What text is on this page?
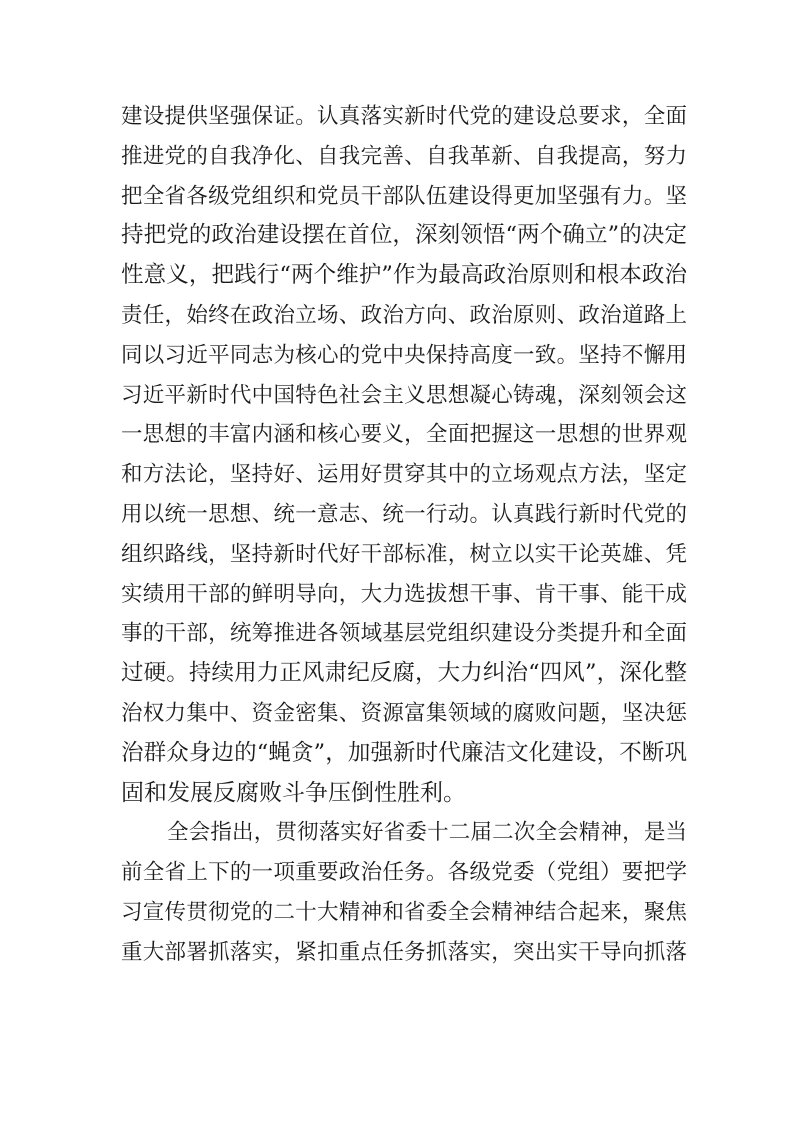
建设提供坚强保证。认真落实新时代党的建设总要求，全面
推进党的自我净化、自我完善、自我革新、自我提高，努力
把全省各级党组织和党员干部队伍建设得更加坚强有力。坚
持把党的政治建设摆在首位，深刻领悟“两个确立”的决定
性意义，把践行“两个维护”作为最高政治原则和根本政治
责任，始终在政治立场、政治方向、政治原则、政治道路上
同以习近平同志为核心的党中央保持高度一致。坚持不懈用
习近平新时代中国特色社会主义思想凝心铸魂，深刻领会这
一思想的丰富内涵和核心要义，全面把握这一思想的世界观
和方法论，坚持好、运用好贯穿其中的立场观点方法，坚定
用以统一思想、统一意志、统一行动。认真践行新时代党的
组织路线，坚持新时代好干部标准，树立以实干论英雄、凭
实绩用干部的鲜明导向，大力选拔想干事、肯干事、能干成
事的干部，统筹推进各领域基层党组织建设分类提升和全面
过硬。持续用力正风肃纪反腐，大力纠治“四风”，深化整
治权力集中、资金密集、资源富集领域的腐败问题，坚决惩
治群众身边的“蝇贪”，加强新时代廉洁文化建设，不断巩
固和发展反腐败斗争压倒性胜利。
全会指出，贯彻落实好省委十二届二次全会精神，是当
前全省上下的一项重要政治任务。各级党委（党组）要把学
习宣传贯彻党的二十大精神和省委全会精神结合起来，聚焦
重大部署抓落实，紧扣重点任务抓落实，突出实干导向抓落
